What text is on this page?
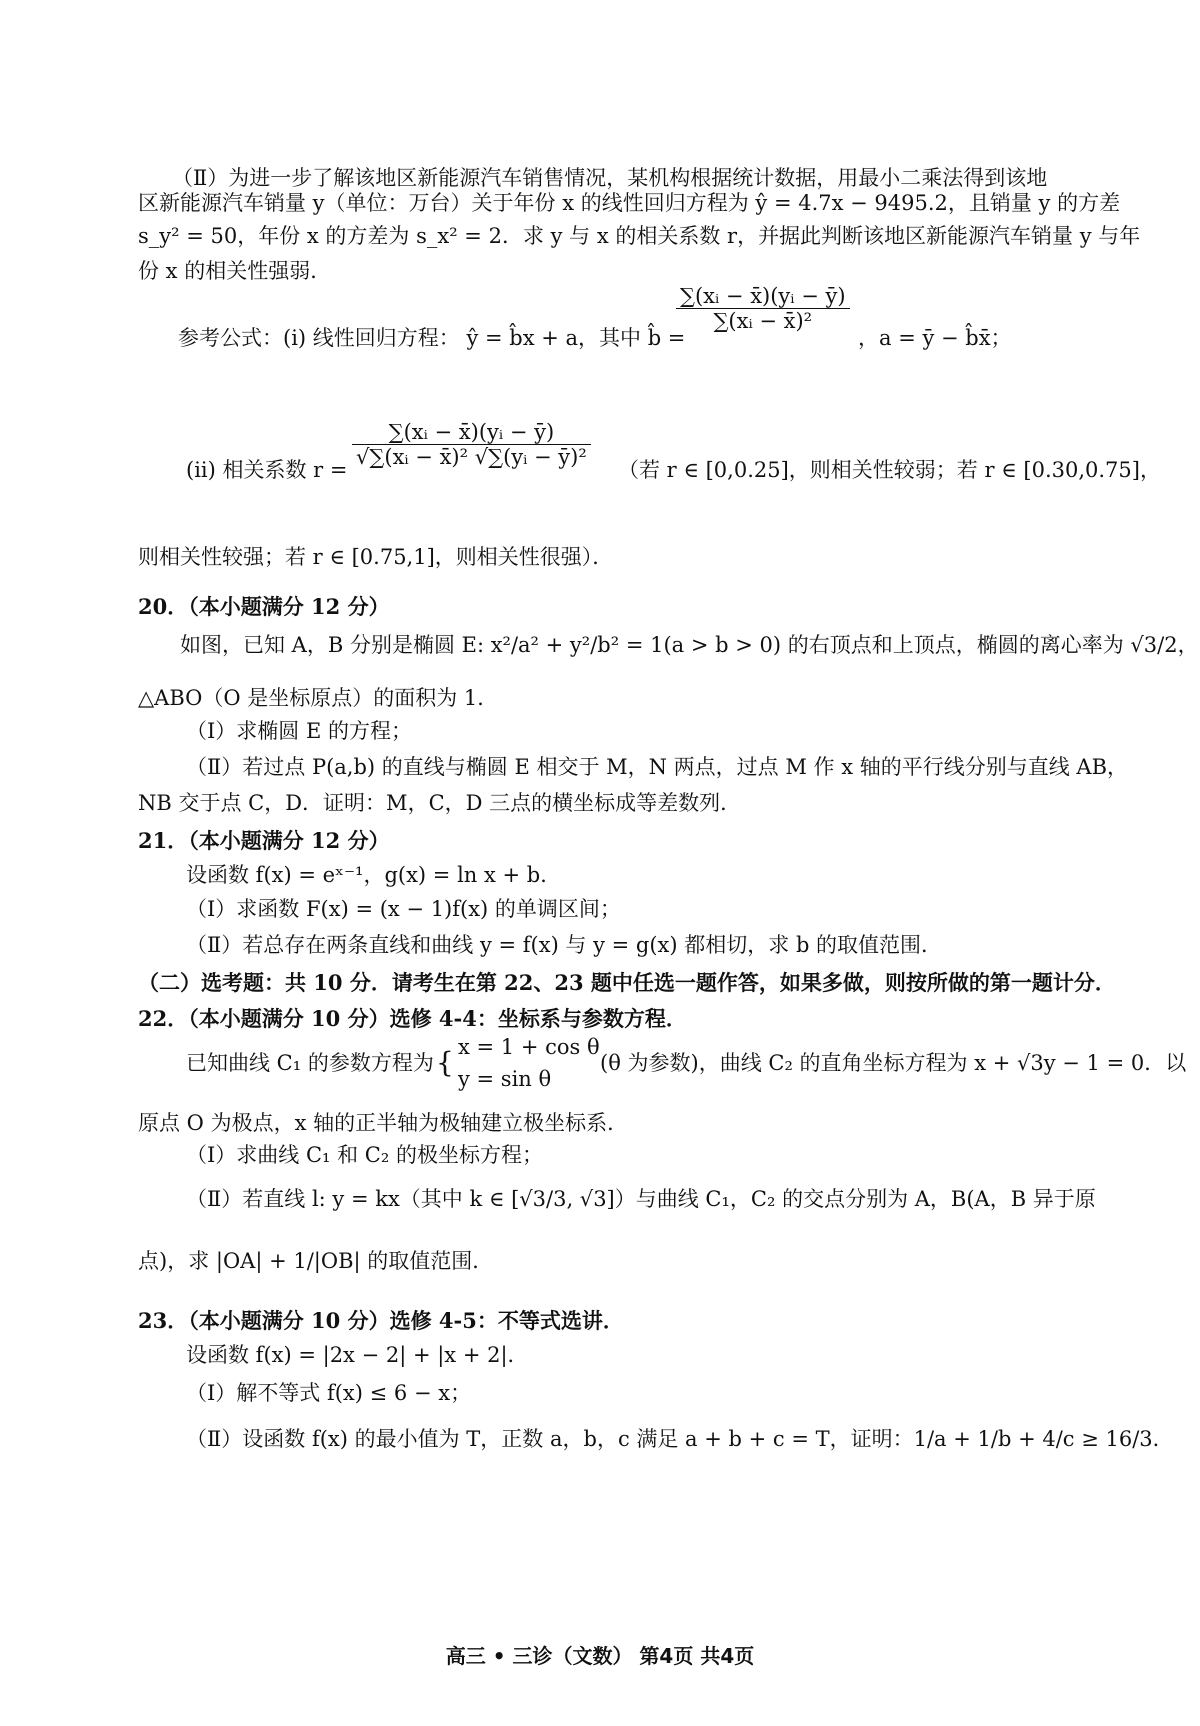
（Ⅱ）为进一步了解该地区新能源汽车销售情况，某机构根据统计数据，用最小二乘法得到该地
区新能源汽车销量 y（单位：万台）关于年份 x 的线性回归方程为 ŷ = 4.7x − 9495.2，且销量 y 的方差
s_y² = 50，年份 x 的方差为 s_x² = 2．求 y 与 x 的相关系数 r，并据此判断该地区新能源汽车销量 y 与年
份 x 的相关性强弱．
参考公式：(i) 线性回归方程： ŷ = b̂x + a，其中 b̂ =
$\frac{\text{∑(xᵢ − x̄)(yᵢ − ȳ)}}{\text{∑(xᵢ − x̄)²}}$
，a = ȳ − b̂x̄；
(ii) 相关系数 r =
$\frac{\text{∑(xᵢ − x̄)(yᵢ − ȳ)}}{\text{√∑(xᵢ − x̄)² √∑(yᵢ − ȳ)²}}$
（若 r ∈ [0,0.25]，则相关性较弱；若 r ∈ [0.30,0.75]，
则相关性较强；若 r ∈ [0.75,1]，则相关性很强）．
20．（本小题满分 12 分）
如图，已知 A，B 分别是椭圆 E: x²/a² + y²/b² = 1(a > b > 0) 的右顶点和上顶点，椭圆的离心率为 √3/2，
△ABO（O 是坐标原点）的面积为 1．
（Ⅰ）求椭圆 E 的方程；
（Ⅱ）若过点 P(a,b) 的直线与椭圆 E 相交于 M，N 两点，过点 M 作 x 轴的平行线分别与直线 AB，
NB 交于点 C，D．证明：M，C，D 三点的横坐标成等差数列．
21．（本小题满分 12 分）
设函数 f(x) = eˣ⁻¹，g(x) = ln x + b．
（Ⅰ）求函数 F(x) = (x − 1)f(x) 的单调区间；
（Ⅱ）若总存在两条直线和曲线 y = f(x) 与 y = g(x) 都相切，求 b 的取值范围．
（二）选考题：共 10 分．请考生在第 22、23 题中任选一题作答，如果多做，则按所做的第一题计分．
22．（本小题满分 10 分）选修 4-4：坐标系与参数方程．
已知曲线 C₁ 的参数方程为 { x = 1 + cos θ
y = sin θ
(θ 为参数)，曲线 C₂ 的直角坐标方程为 x + √3y − 1 = 0．以
原点 O 为极点，x 轴的正半轴为极轴建立极坐标系．
（Ⅰ）求曲线 C₁ 和 C₂ 的极坐标方程；
（Ⅱ）若直线 l: y = kx（其中 k ∈ [√3/3, √3]）与曲线 C₁，C₂ 的交点分别为 A，B(A，B 异于原
点)，求 |OA| + 1/|OB| 的取值范围．
23．（本小题满分 10 分）选修 4-5：不等式选讲．
设函数 f(x) = |2x − 2| + |x + 2|．
（Ⅰ）解不等式 f(x) ≤ 6 − x；
（Ⅱ）设函数 f(x) 的最小值为 T，正数 a，b，c 满足 a + b + c = T，证明：1/a + 1/b + 4/c ≥ 16/3．
高三 • 三诊（文数） 第4页 共4页
